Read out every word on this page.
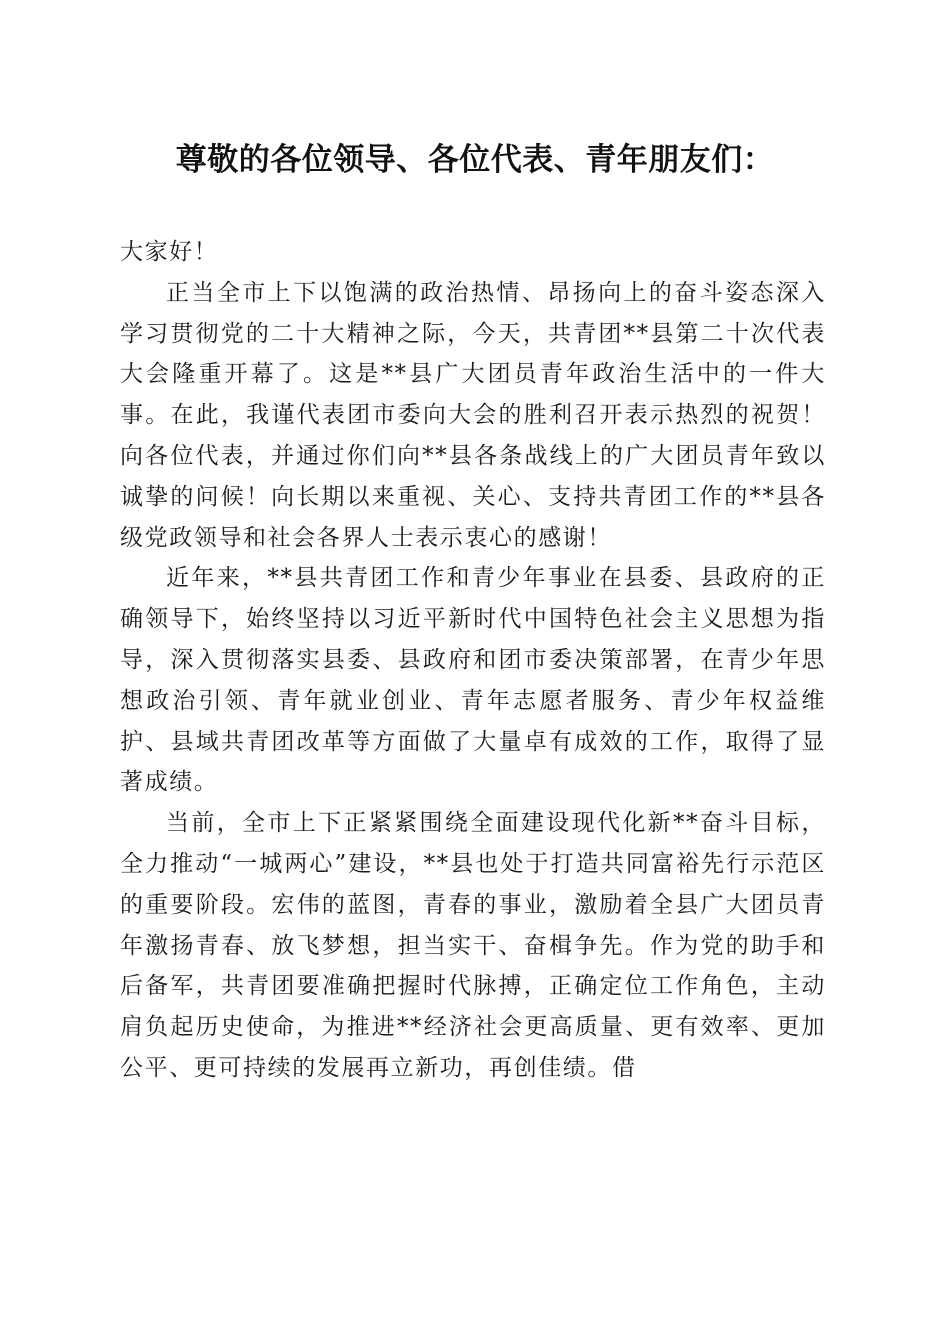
尊敬的各位领导、各位代表、青年朋友们：

大家好！

正当全市上下以饱满的政治热情、昂扬向上的奋斗姿态深入学习贯彻党的二十大精神之际，今天，共青团**县第二十次代表大会隆重开幕了。这是**县广大团员青年政治生活中的一件大事。在此，我谨代表团市委向大会的胜利召开表示热烈的祝贺！向各位代表，并通过你们向**县各条战线上的广大团员青年致以诚挚的问候！向长期以来重视、关心、支持共青团工作的**县各级党政领导和社会各界人士表示衷心的感谢！

近年来，**县共青团工作和青少年事业在县委、县政府的正确领导下，始终坚持以习近平新时代中国特色社会主义思想为指导，深入贯彻落实县委、县政府和团市委决策部署，在青少年思想政治引领、青年就业创业、青年志愿者服务、青少年权益维护、县域共青团改革等方面做了大量卓有成效的工作，取得了显著成绩。

当前，全市上下正紧紧围绕全面建设现代化新**奋斗目标，全力推动“一城两心”建设，**县也处于打造共同富裕先行示范区的重要阶段。宏伟的蓝图，青春的事业，激励着全县广大团员青年激扬青春、放飞梦想，担当实干、奋楫争先。作为党的助手和后备军，共青团要准确把握时代脉搏，正确定位工作角色，主动肩负起历史使命，为推进**经济社会更高质量、更有效率、更加公平、更可持续的发展再立新功，再创佳绩。借
